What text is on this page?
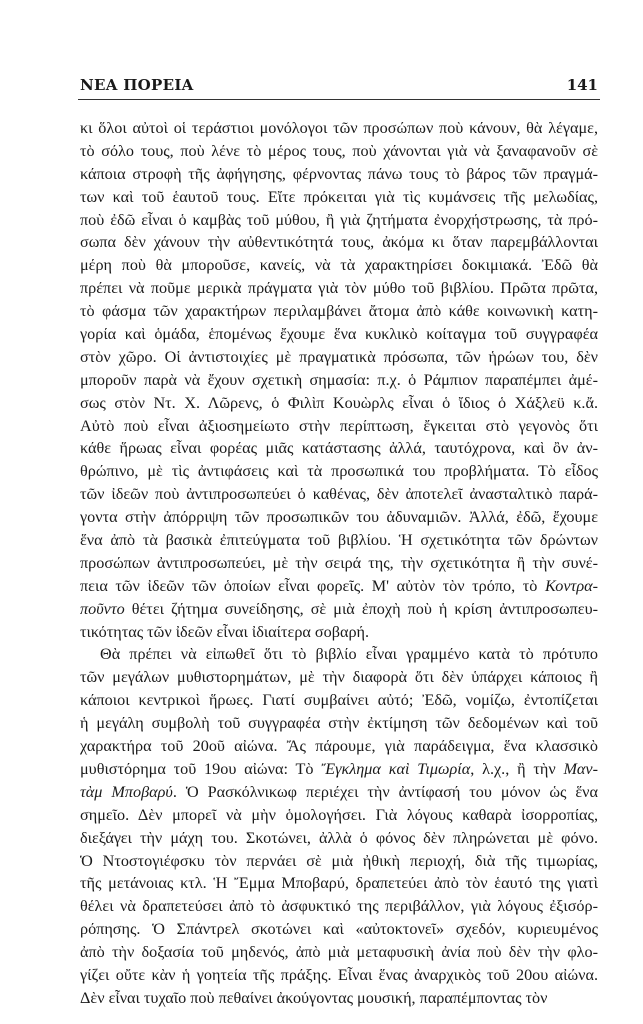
ΝΕΑ ΠΟΡΕΙΑ	141
κι ὅλοι αὐτοὶ οἱ τεράστιοι μονόλογοι τῶν προσώπων ποὺ κάνουν, θὰ λέγαμε,
τὸ σόλο τους, ποὺ λένε τὸ μέρος τους, ποὺ χάνονται γιὰ νὰ ξαναφανοῦν σὲ
κάποια στροφὴ τῆς ἀφήγησης, φέρνοντας πάνω τους τὸ βάρος τῶν πραγμά-
των καὶ τοῦ ἑαυτοῦ τους. Εἴτε πρόκειται γιὰ τὶς κυμάνσεις τῆς μελωδίας,
ποὺ ἐδῶ εἶναι ὁ καμβὰς τοῦ μύθου, ἢ γιὰ ζητήματα ἐνορχήστρωσης, τὰ πρό-
σωπα δὲν χάνουν τὴν αὐθεντικότητά τους, ἀκόμα κι ὅταν παρεμβάλλονται
μέρη ποὺ θὰ μποροῦσε, κανείς, νὰ τὰ χαρακτηρίσει δοκιμιακά. Ἐδῶ θὰ
πρέπει νὰ ποῦμε μερικὰ πράγματα γιὰ τὸν μύθο τοῦ βιβλίου. Πρῶτα πρῶτα,
τὸ φάσμα τῶν χαρακτήρων περιλαμβάνει ἄτομα ἀπὸ κάθε κοινωνικὴ κατη-
γορία καὶ ὁμάδα, ἑπομένως ἔχουμε ἕνα κυκλικὸ κοίταγμα τοῦ συγγραφέα
στὸν χῶρο. Οἱ ἀντιστοιχίες μὲ πραγματικὰ πρόσωπα, τῶν ἡρώων του, δὲν
μποροῦν παρὰ νὰ ἔχουν σχετικὴ σημασία: π.χ. ὁ Ράμπιον παραπέμπει ἀμέ-
σως στὸν Ντ. Χ. Λῶρενς, ὁ Φιλὶπ Κουὼρλς εἶναι ὁ ἴδιος ὁ Χάξλεϋ κ.ἄ.
Αὐτὸ ποὺ εἶναι ἀξιοσημείωτο στὴν περίπτωση, ἔγκειται στὸ γεγονὸς ὅτι
κάθε ἥρωας εἶναι φορέας μιᾶς κατάστασης ἀλλά, ταυτόχρονα, καὶ ὂν ἀν-
θρώπινο, μὲ τὶς ἀντιφάσεις καὶ τὰ προσωπικά του προβλήματα. Τὸ εἶδος
τῶν ἰδεῶν ποὺ ἀντιπροσωπεύει ὁ καθένας, δὲν ἀποτελεῖ ἀνασταλτικὸ παρά-
γοντα στὴν ἀπόρριψη τῶν προσωπικῶν του ἀδυναμιῶν. Ἀλλά, ἐδῶ, ἔχουμε
ἕνα ἀπὸ τὰ βασικὰ ἐπιτεύγματα τοῦ βιβλίου. Ἡ σχετικότητα τῶν δρώντων
προσώπων ἀντιπροσωπεύει, μὲ τὴν σειρά της, τὴν σχετικότητα ἢ τὴν συνέ-
πεια τῶν ἰδεῶν τῶν ὁποίων εἶναι φορεῖς. Μ' αὐτὸν τὸν τρόπο, τὸ Κοντρα-
ποῦντο θέτει ζήτημα συνείδησης, σὲ μιὰ ἐποχὴ ποὺ ἡ κρίση ἀντιπροσωπευ-
τικότητας τῶν ἰδεῶν εἶναι ἰδιαίτερα σοβαρή.
Θὰ πρέπει νὰ εἰπωθεῖ ὅτι τὸ βιβλίο εἶναι γραμμένο κατὰ τὸ πρότυπο
τῶν μεγάλων μυθιστορημάτων, μὲ τὴν διαφορὰ ὅτι δὲν ὑπάρχει κάποιος ἢ
κάποιοι κεντρικοὶ ἥρωες. Γιατί συμβαίνει αὐτό; Ἐδῶ, νομίζω, ἐντοπίζεται
ἡ μεγάλη συμβολὴ τοῦ συγγραφέα στὴν ἐκτίμηση τῶν δεδομένων καὶ τοῦ
χαρακτήρα τοῦ 20οῦ αἰώνα. Ἄς πάρουμε, γιὰ παράδειγμα, ἕνα κλασσικὸ
μυθιστόρημα τοῦ 19ου αἰώνα: Τὸ Ἔγκλημα καὶ Τιμωρία, λ.χ., ἢ τὴν Μαν-
τὰμ Μποβαρύ. Ὁ Ρασκόλνικωφ περιέχει τὴν ἀντίφασή του μόνον ὡς ἕνα
σημεῖο. Δὲν μπορεῖ νὰ μὴν ὁμολογήσει. Γιὰ λόγους καθαρὰ ἰσορροπίας,
διεξάγει τὴν μάχη του. Σκοτώνει, ἀλλὰ ὁ φόνος δὲν πληρώνεται μὲ φόνο.
Ὁ Ντοστογιέφσκυ τὸν περνάει σὲ μιὰ ἠθικὴ περιοχή, διὰ τῆς τιμωρίας,
τῆς μετάνοιας κτλ. Ἡ Ἔμμα Μποβαρύ, δραπετεύει ἀπὸ τὸν ἑαυτό της γιατὶ
θέλει νὰ δραπετεύσει ἀπὸ τὸ ἀσφυκτικό της περιβάλλον, γιὰ λόγους ἐξισόρ-
ρόπησης. Ὁ Σπάντρελ σκοτώνει καὶ «αὐτοκτονεῖ» σχεδόν, κυριευμένος
ἀπὸ τὴν δοξασία τοῦ μηδενός, ἀπὸ μιὰ μεταφυσικὴ ἀνία ποὺ δὲν τὴν φλο-
γίζει οὔτε κὰν ἡ γοητεία τῆς πράξης. Εἶναι ἕνας ἀναρχικὸς τοῦ 20ου αἰώνα.
Δὲν εἶναι τυχαῖο ποὺ πεθαίνει ἀκούγοντας μουσική, παραπέμποντας τὸν
